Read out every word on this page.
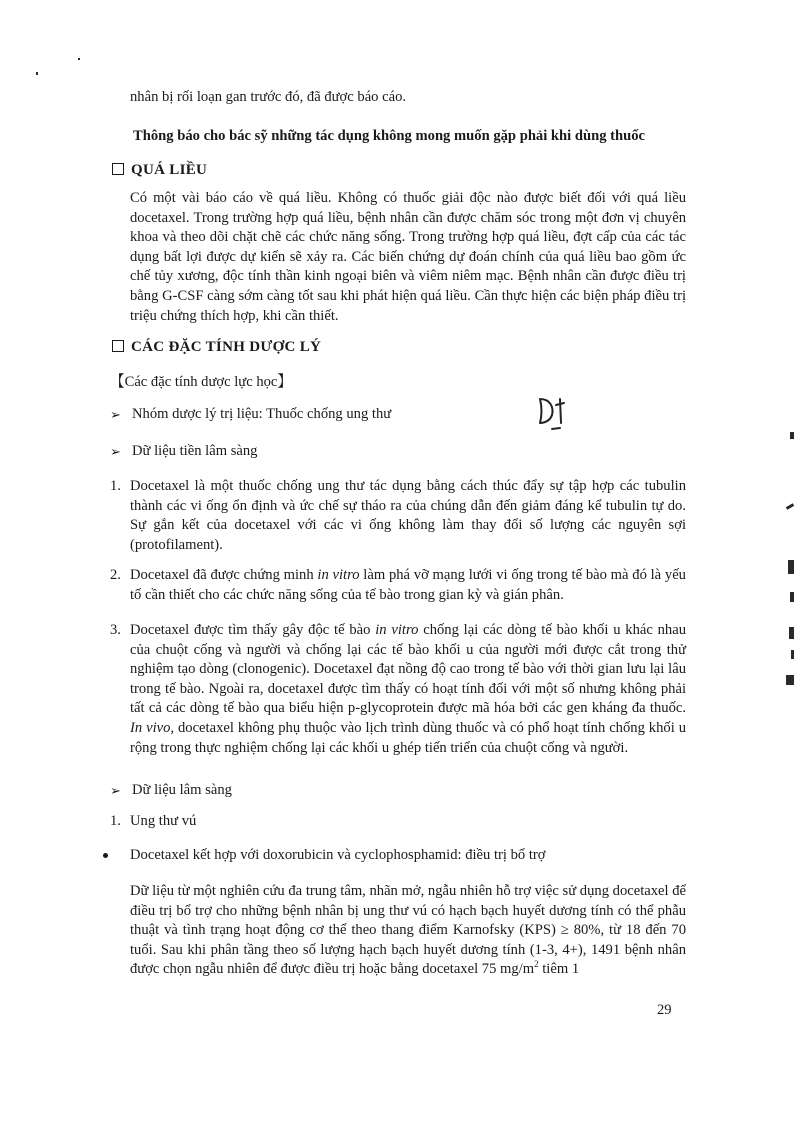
nhân bị rối loạn gan trước đó, đã được báo cáo.

Thông báo cho bác sỹ những tác dụng không mong muốn gặp phải khi dùng thuốc

QUÁ LIỀU

Có một vài báo cáo về quá liều. Không có thuốc giải độc nào được biết đối với quá liều docetaxel. Trong trường hợp quá liều, bệnh nhân cần được chăm sóc trong một đơn vị chuyên khoa và theo dõi chặt chẽ các chức năng sống. Trong trường hợp quá liều, đợt cấp của các tác dụng bất lợi được dự kiến sẽ xảy ra. Các biến chứng dự đoán chính của quá liều bao gồm ức chế tủy xương, độc tính thần kinh ngoại biên và viêm niêm mạc. Bệnh nhân cần được điều trị bằng G-CSF càng sớm càng tốt sau khi phát hiện quá liều. Cần thực hiện các biện pháp điều trị triệu chứng thích hợp, khi cần thiết.

CÁC ĐẶC TÍNH DƯỢC LÝ

【Các đặc tính dược lực học】

➢ Nhóm dược lý trị liệu: Thuốc chống ung thư

➢ Dữ liệu tiền lâm sàng

1. Docetaxel là một thuốc chống ung thư tác dụng bằng cách thúc đẩy sự tập hợp các tubulin thành các vi ống ổn định và ức chế sự tháo ra của chúng dẫn đến giảm đáng kể tubulin tự do. Sự gắn kết của docetaxel với các vi ống không làm thay đổi số lượng các nguyên sợi (protofilament).

2. Docetaxel đã được chứng minh in vitro làm phá vỡ mạng lưới vi ống trong tế bào mà đó là yếu tố cần thiết cho các chức năng sống của tế bào trong gian kỳ và gián phân.

3. Docetaxel được tìm thấy gây độc tế bào in vitro chống lại các dòng tế bào khối u khác nhau của chuột cống và người và chống lại các tế bào khối u của người mới được cắt trong thử nghiệm tạo dòng (clonogenic). Docetaxel đạt nồng độ cao trong tế bào với thời gian lưu lại lâu trong tế bào. Ngoài ra, docetaxel được tìm thấy có hoạt tính đối với một số nhưng không phải tất cả các dòng tế bào qua biểu hiện p-glycoprotein được mã hóa bởi các gen kháng đa thuốc. In vivo, docetaxel không phụ thuộc vào lịch trình dùng thuốc và có phổ hoạt tính chống khối u rộng trong thực nghiệm chống lại các khối u ghép tiến triển của chuột cống và người.

➢ Dữ liệu lâm sàng

1. Ung thư vú

Docetaxel kết hợp với doxorubicin và cyclophosphamid: điều trị bổ trợ

Dữ liệu từ một nghiên cứu đa trung tâm, nhãn mở, ngẫu nhiên hỗ trợ việc sử dụng docetaxel để điều trị bổ trợ cho những bệnh nhân bị ung thư vú có hạch bạch huyết dương tính có thể phẫu thuật và tình trạng hoạt động cơ thể theo thang điểm Karnofsky (KPS) ≥ 80%, từ 18 đến 70 tuổi. Sau khi phân tầng theo số lượng hạch bạch huyết dương tính (1-3, 4+), 1491 bệnh nhân được chọn ngẫu nhiên để được điều trị hoặc bằng docetaxel 75 $mg/m^2$ tiêm 1

29
